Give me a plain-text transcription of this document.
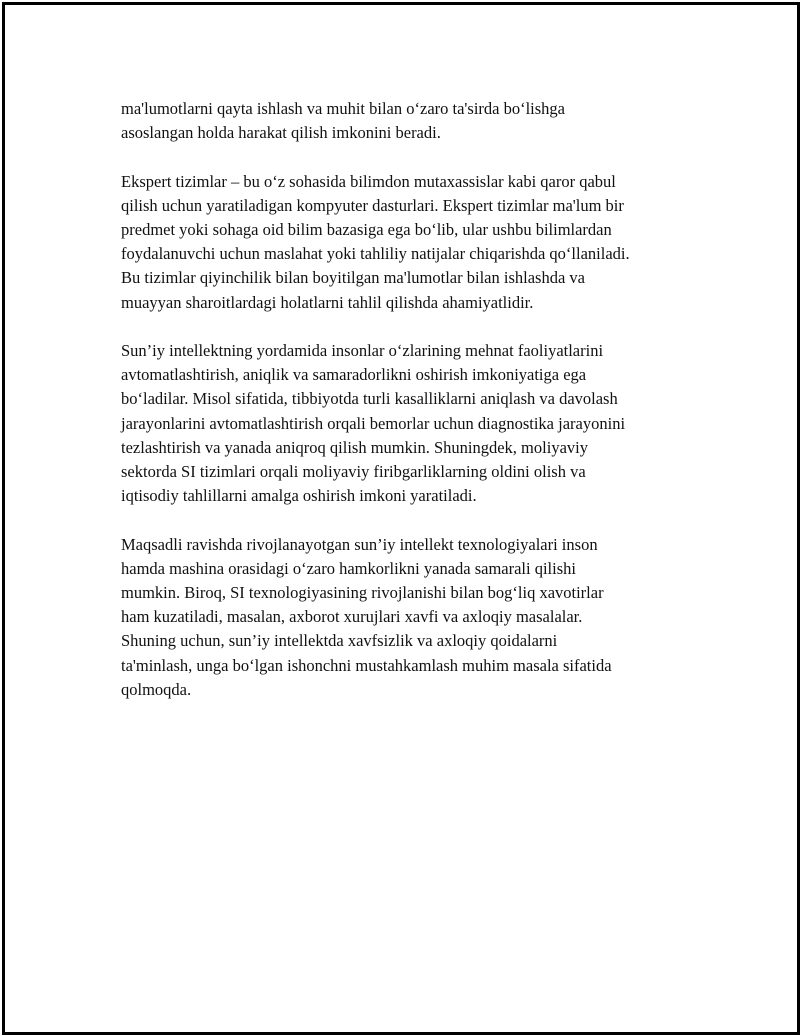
ma'lumotlarni qayta ishlash va muhit bilan o‘zaro ta'sirda bo‘lishga
asoslangan holda harakat qilish imkonini beradi.

Ekspert tizimlar – bu o‘z sohasida bilimdon mutaxassislar kabi qaror qabul
qilish uchun yaratiladigan kompyuter dasturlari. Ekspert tizimlar ma'lum bir
predmet yoki sohaga oid bilim bazasiga ega bo‘lib, ular ushbu bilimlardan
foydalanuvchi uchun maslahat yoki tahliliy natijalar chiqarishda qo‘llaniladi.
Bu tizimlar qiyinchilik bilan boyitilgan ma'lumotlar bilan ishlashda va
muayyan sharoitlardagi holatlarni tahlil qilishda ahamiyatlidir.

Sun’iy intellektning yordamida insonlar o‘zlarining mehnat faoliyatlarini
avtomatlashtirish, aniqlik va samaradorlikni oshirish imkoniyatiga ega
bo‘ladilar. Misol sifatida, tibbiyotda turli kasalliklarni aniqlash va davolash
jarayonlarini avtomatlashtirish orqali bemorlar uchun diagnostika jarayonini
tezlashtirish va yanada aniqroq qilish mumkin. Shuningdek, moliyaviy
sektorda SI tizimlari orqali moliyaviy firibgarliklarning oldini olish va
iqtisodiy tahlillarni amalga oshirish imkoni yaratiladi.

Maqsadli ravishda rivojlanayotgan sun’iy intellekt texnologiyalari inson
hamda mashina orasidagi o‘zaro hamkorlikni yanada samarali qilishi
mumkin. Biroq, SI texnologiyasining rivojlanishi bilan bog‘liq xavotirlar
ham kuzatiladi, masalan, axborot xurujlari xavfi va axloqiy masalalar.
Shuning uchun, sun’iy intellektda xavfsizlik va axloqiy qoidalarni
ta'minlash, unga bo‘lgan ishonchni mustahkamlash muhim masala sifatida
qolmoqda.
